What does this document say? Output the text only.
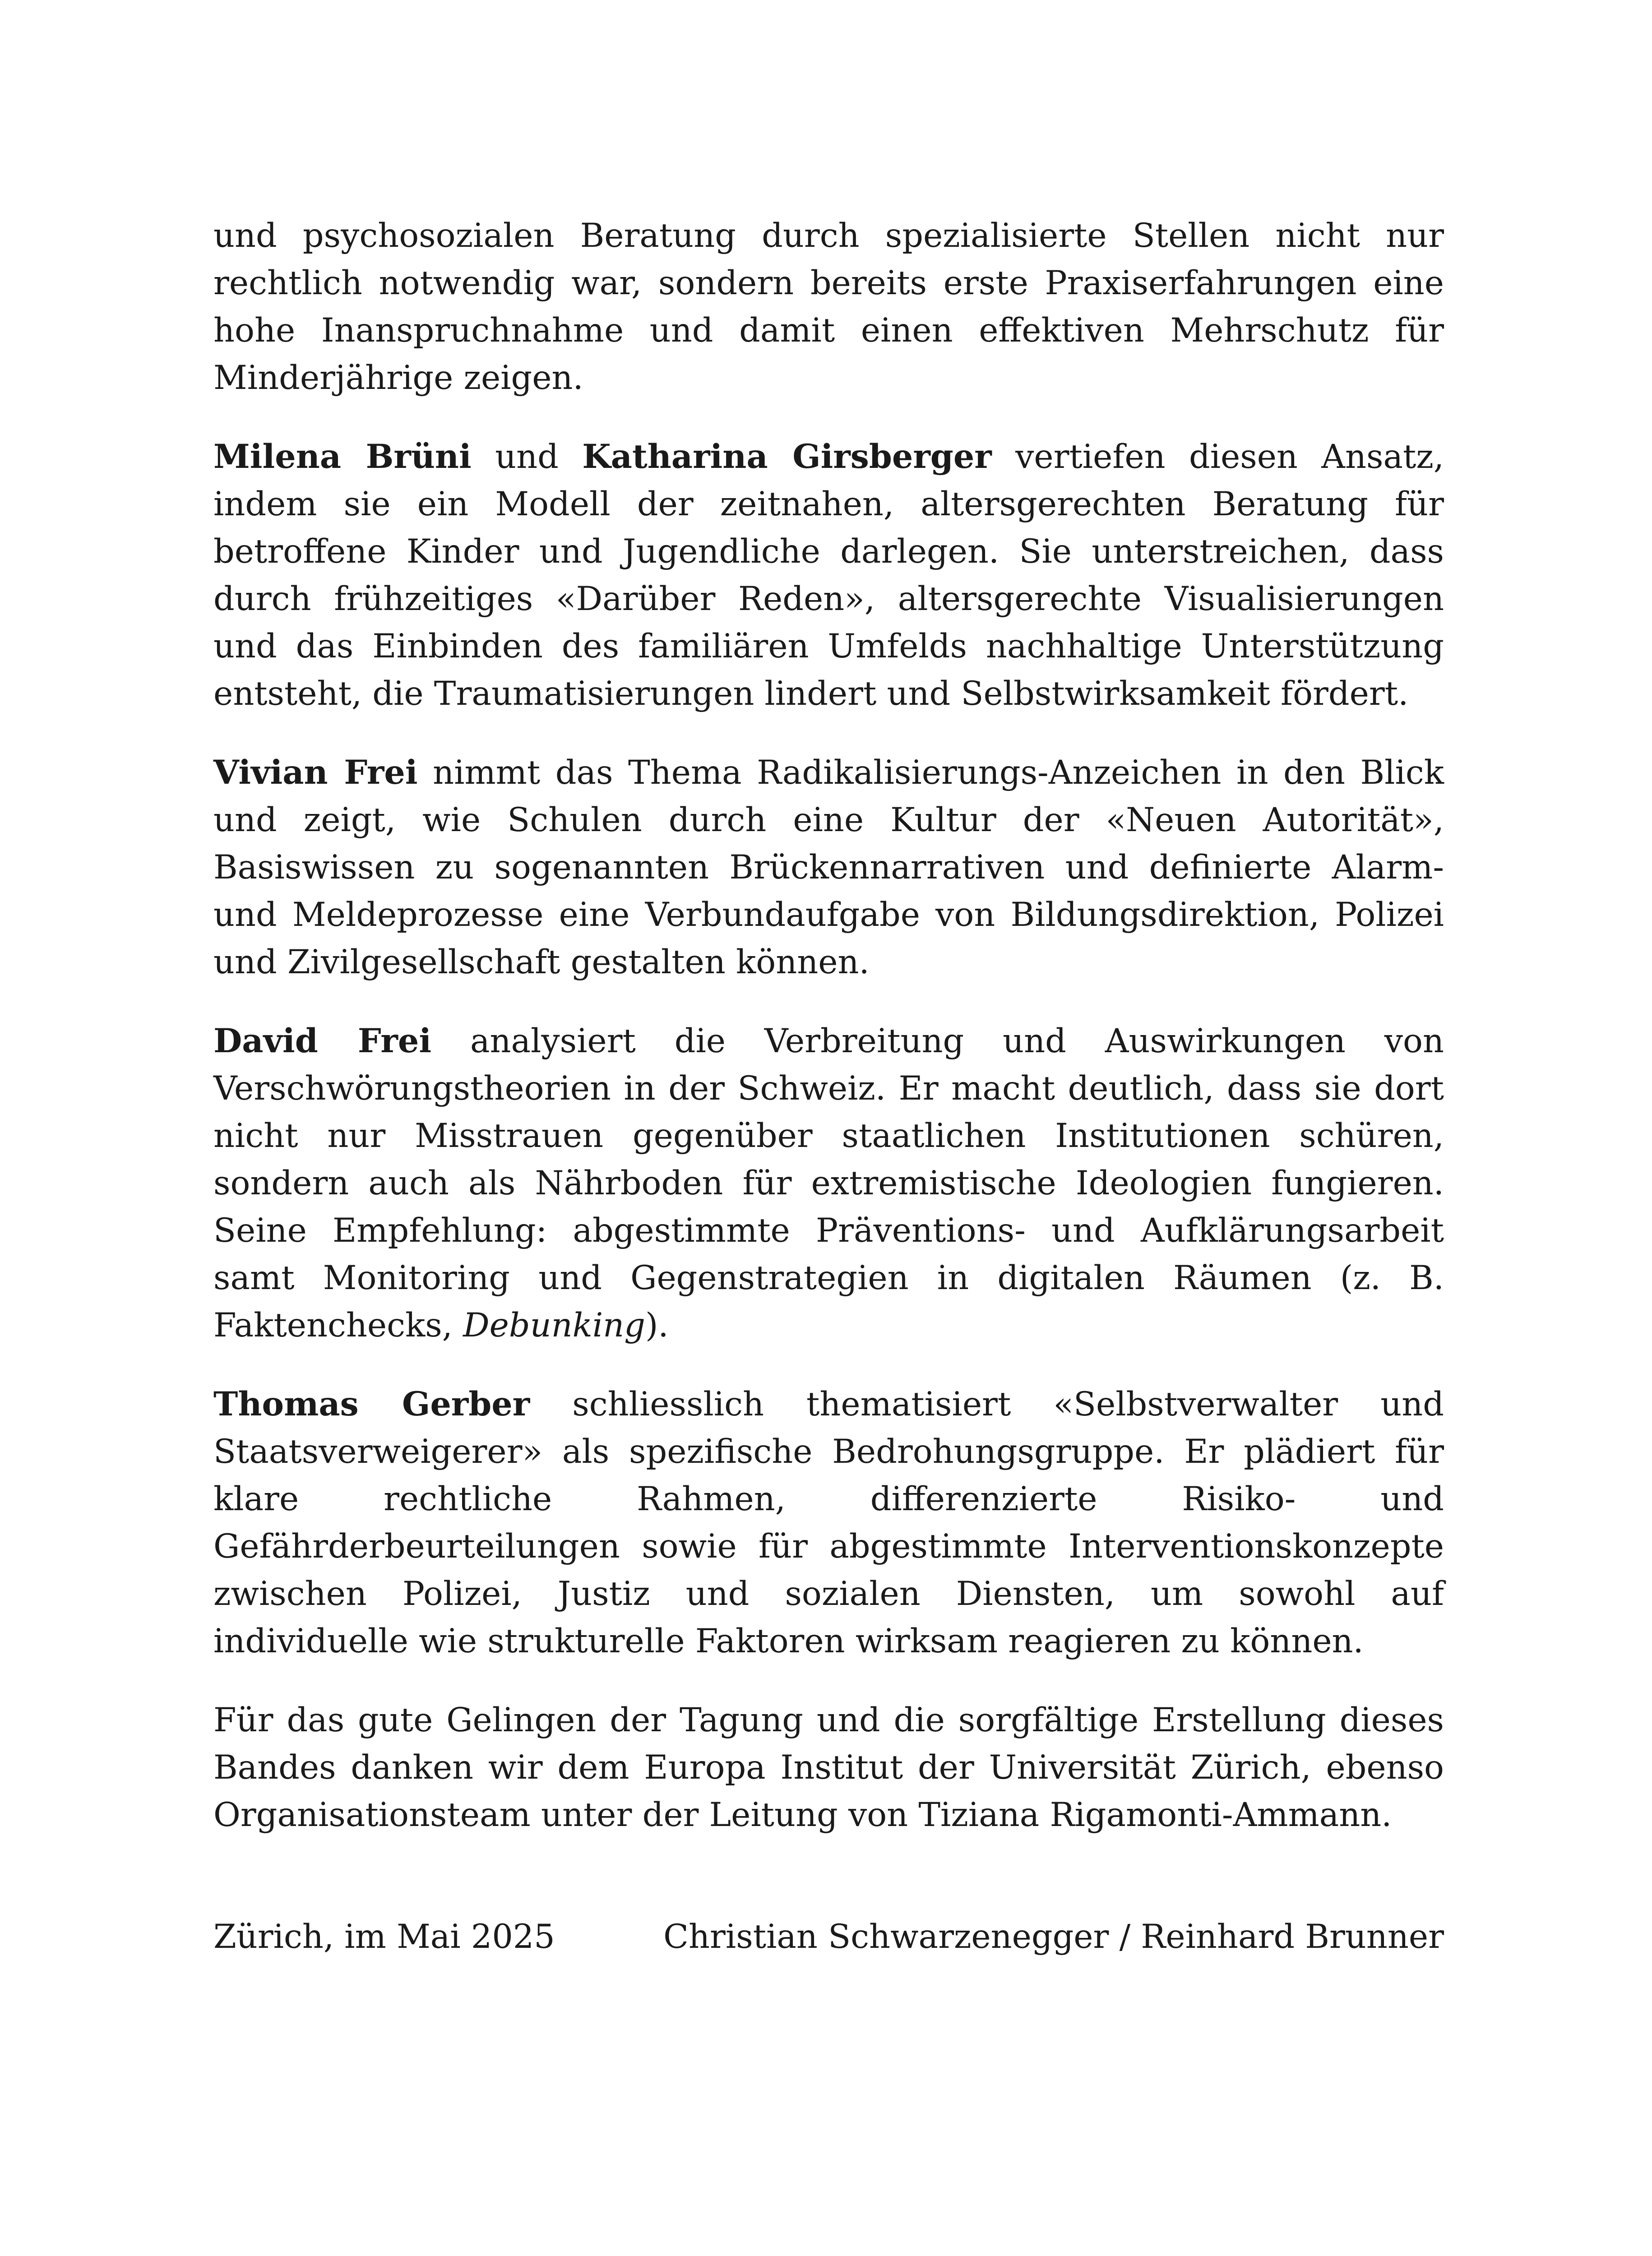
und psychosozialen Beratung durch spezialisierte Stellen nicht nur rechtlich notwendig war, sondern bereits erste Praxiserfahrungen eine hohe Inanspruchnahme und damit einen effektiven Mehrschutz für Minderjährige zeigen.

Milena Brüni und Katharina Girsberger vertiefen diesen Ansatz, indem sie ein Modell der zeitnahen, altersgerechten Beratung für betroffene Kinder und Jugendliche darlegen. Sie unterstreichen, dass durch frühzeitiges «Darüber Reden», altersgerechte Visualisierungen und das Einbinden des familiären Umfelds nachhaltige Unterstützung entsteht, die Traumatisierungen lindert und Selbstwirksamkeit fördert.

Vivian Frei nimmt das Thema Radikalisierungs-Anzeichen in den Blick und zeigt, wie Schulen durch eine Kultur der «Neuen Autorität», Basiswissen zu sogenannten Brückennarrativen und definierte Alarm- und Meldeprozesse eine Verbundaufgabe von Bildungsdirektion, Polizei und Zivilgesellschaft gestalten können.

David Frei analysiert die Verbreitung und Auswirkungen von Verschwörungstheorien in der Schweiz. Er macht deutlich, dass sie dort nicht nur Misstrauen gegenüber staatlichen Institutionen schüren, sondern auch als Nährboden für extremistische Ideologien fungieren. Seine Empfehlung: abgestimmte Präventions- und Aufklärungsarbeit samt Monitoring und Gegenstrategien in digitalen Räumen (z. B. Faktenchecks, Debunking).

Thomas Gerber schliesslich thematisiert «Selbstverwalter und Staatsverweigerer» als spezifische Bedrohungsgruppe. Er plädiert für klare rechtliche Rahmen, differenzierte Risiko- und Gefährderbeurteilungen sowie für abgestimmte Interventionskonzepte zwischen Polizei, Justiz und sozialen Diensten, um sowohl auf individuelle wie strukturelle Faktoren wirksam reagieren zu können.

Für das gute Gelingen der Tagung und die sorgfältige Erstellung dieses Bandes danken wir dem Europa Institut der Universität Zürich, ebenso Organisationsteam unter der Leitung von Tiziana Rigamonti-Ammann.

Zürich, im Mai 2025	Christian Schwarzenegger / Reinhard Brunner
